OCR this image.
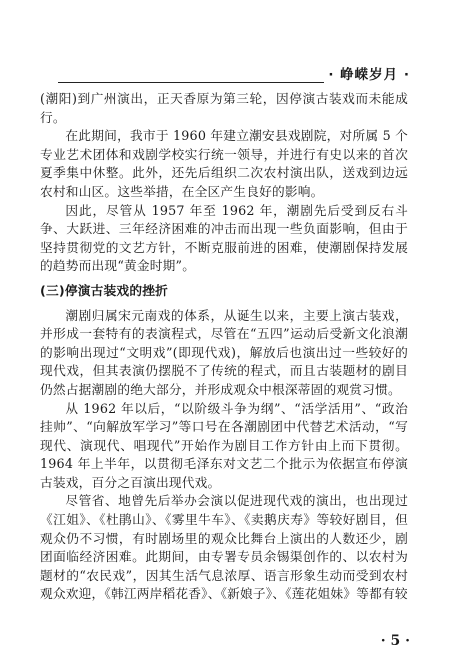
· 峥嵘岁月 ·

(潮阳)到广州演出，正天香原为第三轮，因停演古装戏而未能成行。

在此期间，我市于 1960 年建立潮安县戏剧院，对所属 5 个专业艺术团体和戏剧学校实行统一领导，并进行有史以来的首次夏季集中休整。此外，还先后组织二次农村演出队，送戏到边远农村和山区。这些举措，在全区产生良好的影响。

因此，尽管从 1957 年至 1962 年，潮剧先后受到反右斗争、大跃进、三年经济困难的冲击而出现一些负面影响，但由于坚持贯彻党的文艺方针，不断克服前进的困难，使潮剧保持发展的趋势而出现“黄金时期”。

(三)停演古装戏的挫折

潮剧归属宋元南戏的体系，从诞生以来，主要上演古装戏，并形成一套特有的表演程式，尽管在“五四”运动后受新文化浪潮的影响出现过“文明戏”(即现代戏)，解放后也演出过一些较好的现代戏，但其表演仍摆脱不了传统的程式，而且古装题材的剧目仍然占据潮剧的绝大部分，并形成观众中根深蒂固的观赏习惯。

从 1962 年以后，“以阶级斗争为纲”、“活学活用”、“政治挂帅”、“向解放军学习”等口号在各潮剧团中代替艺术活动，“写现代、演现代、唱现代”开始作为剧目工作方针由上而下贯彻。1964 年上半年，以贯彻毛泽东对文艺二个批示为依据宣布停演古装戏，百分之百演出现代戏。

尽管省、地曾先后举办会演以促进现代戏的演出，也出现过《江姐》、《杜鹃山》、《雾里牛车》、《卖鹅庆寿》等较好剧目，但观众仍不习惯，有时剧场里的观众比舞台上演出的人数还少，剧团面临经济困难。此期间，由专署专员余锡渠创作的、以农村为题材的“农民戏”，因其生活气息浓厚、语言形象生动而受到农村观众欢迎，《韩江两岸稻花香》、《新娘子》、《莲花姐妹》等都有较

· 5 ·
